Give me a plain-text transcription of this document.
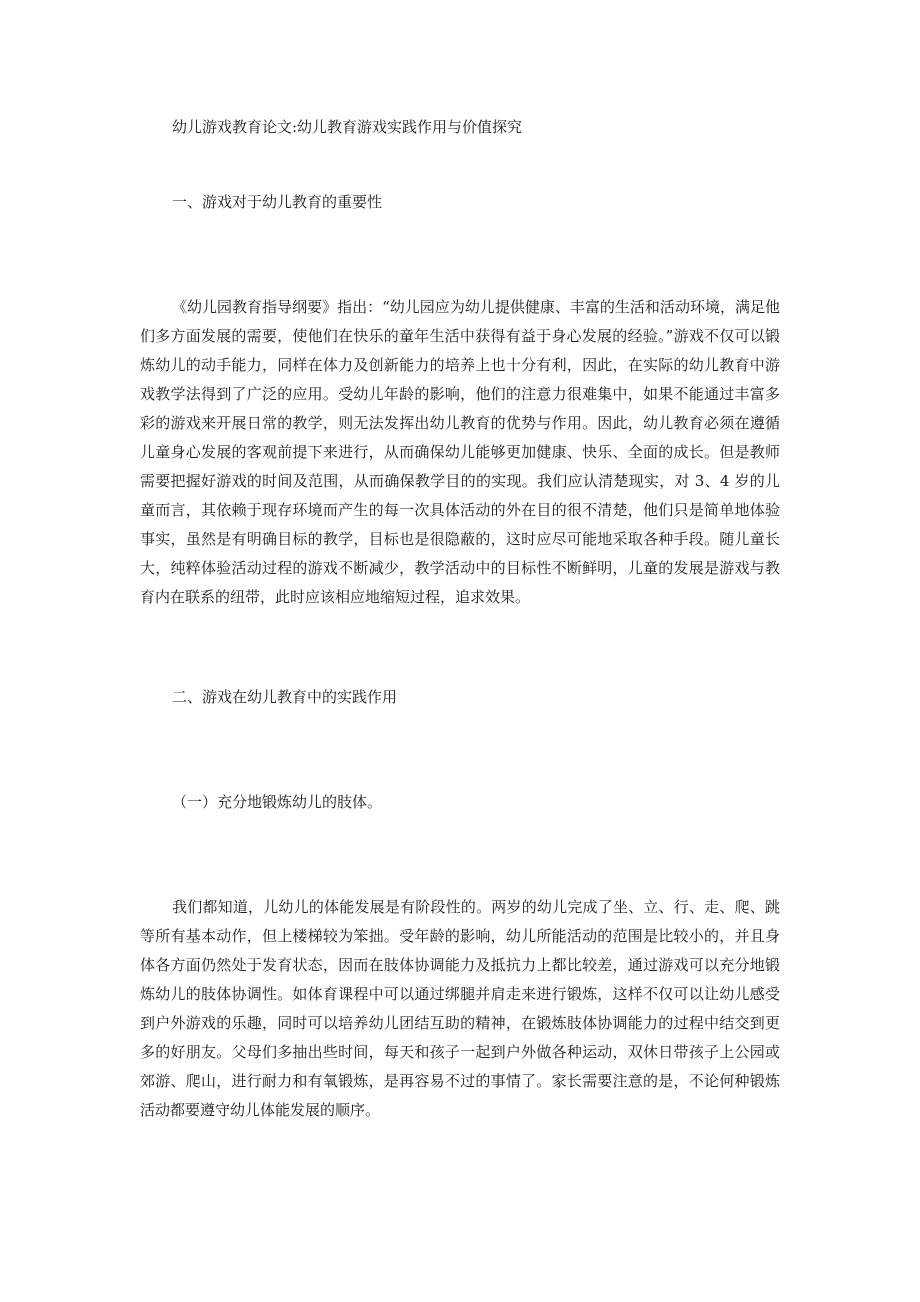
幼儿游戏教育论文:幼儿教育游戏实践作用与价值探究
一、游戏对于幼儿教育的重要性

《幼儿园教育指导纲要》指出：“幼儿园应为幼儿提供健康、丰富的生活和活动环境，满足他们多方面发展的需要，使他们在快乐的童年生活中获得有益于身心发展的经验。”游戏不仅可以锻炼幼儿的动手能力，同样在体力及创新能力的培养上也十分有利，因此，在实际的幼儿教育中游戏教学法得到了广泛的应用。受幼儿年龄的影响，他们的注意力很难集中，如果不能通过丰富多彩的游戏来开展日常的教学，则无法发挥出幼儿教育的优势与作用。因此，幼儿教育必须在遵循儿童身心发展的客观前提下来进行，从而确保幼儿能够更加健康、快乐、全面的成长。但是教师需要把握好游戏的时间及范围，从而确保教学目的的实现。我们应认清楚现实，对 3、4 岁的儿童而言，其依赖于现存环境而产生的每一次具体活动的外在目的很不清楚，他们只是简单地体验事实，虽然是有明确目标的教学，目标也是很隐蔽的，这时应尽可能地采取各种手段。随儿童长大，纯粹体验活动过程的游戏不断减少，教学活动中的目标性不断鲜明，儿童的发展是游戏与教育内在联系的纽带，此时应该相应地缩短过程，追求效果。

二、游戏在幼儿教育中的实践作用
（一）充分地锻炼幼儿的肢体。

我们都知道，儿幼儿的体能发展是有阶段性的。两岁的幼儿完成了坐、立、行、走、爬、跳等所有基本动作，但上楼梯较为笨拙。受年龄的影响，幼儿所能活动的范围是比较小的，并且身体各方面仍然处于发育状态，因而在肢体协调能力及抵抗力上都比较差，通过游戏可以充分地锻炼幼儿的肢体协调性。如体育课程中可以通过绑腿并肩走来进行锻炼，这样不仅可以让幼儿感受到户外游戏的乐趣，同时可以培养幼儿团结互助的精神，在锻炼肢体协调能力的过程中结交到更多的好朋友。父母们多抽出些时间，每天和孩子一起到户外做各种运动，双休日带孩子上公园或郊游、爬山，进行耐力和有氧锻炼，是再容易不过的事情了。家长需要注意的是，不论何种锻炼活动都要遵守幼儿体能发展的顺序。
